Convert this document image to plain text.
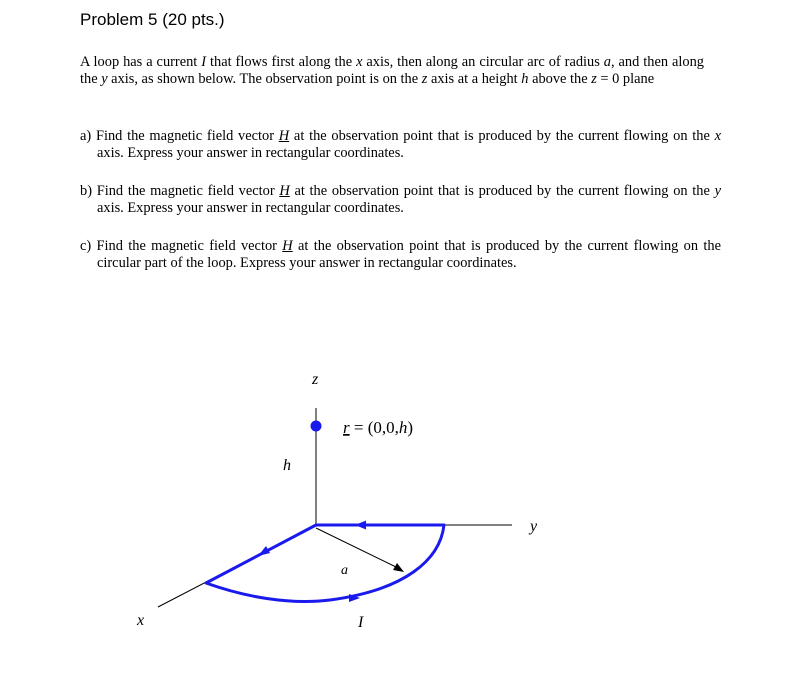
Problem 5 (20 pts.)

A loop has a current I that flows first along the x axis, then along an circular arc of radius a, and then along the y axis, as shown below. The observation point is on the z axis at a height h above the z = 0 plane

a) Find the magnetic field vector H at the observation point that is produced by the current flowing on the x axis. Express your answer in rectangular coordinates.

b) Find the magnetic field vector H at the observation point that is produced by the current flowing on the y axis. Express your answer in rectangular coordinates.

c) Find the magnetic field vector H at the observation point that is produced by the current flowing on the circular part of the loop. Express your answer in rectangular coordinates.

z
y
x
h
a
I
r = (0,0,h)
